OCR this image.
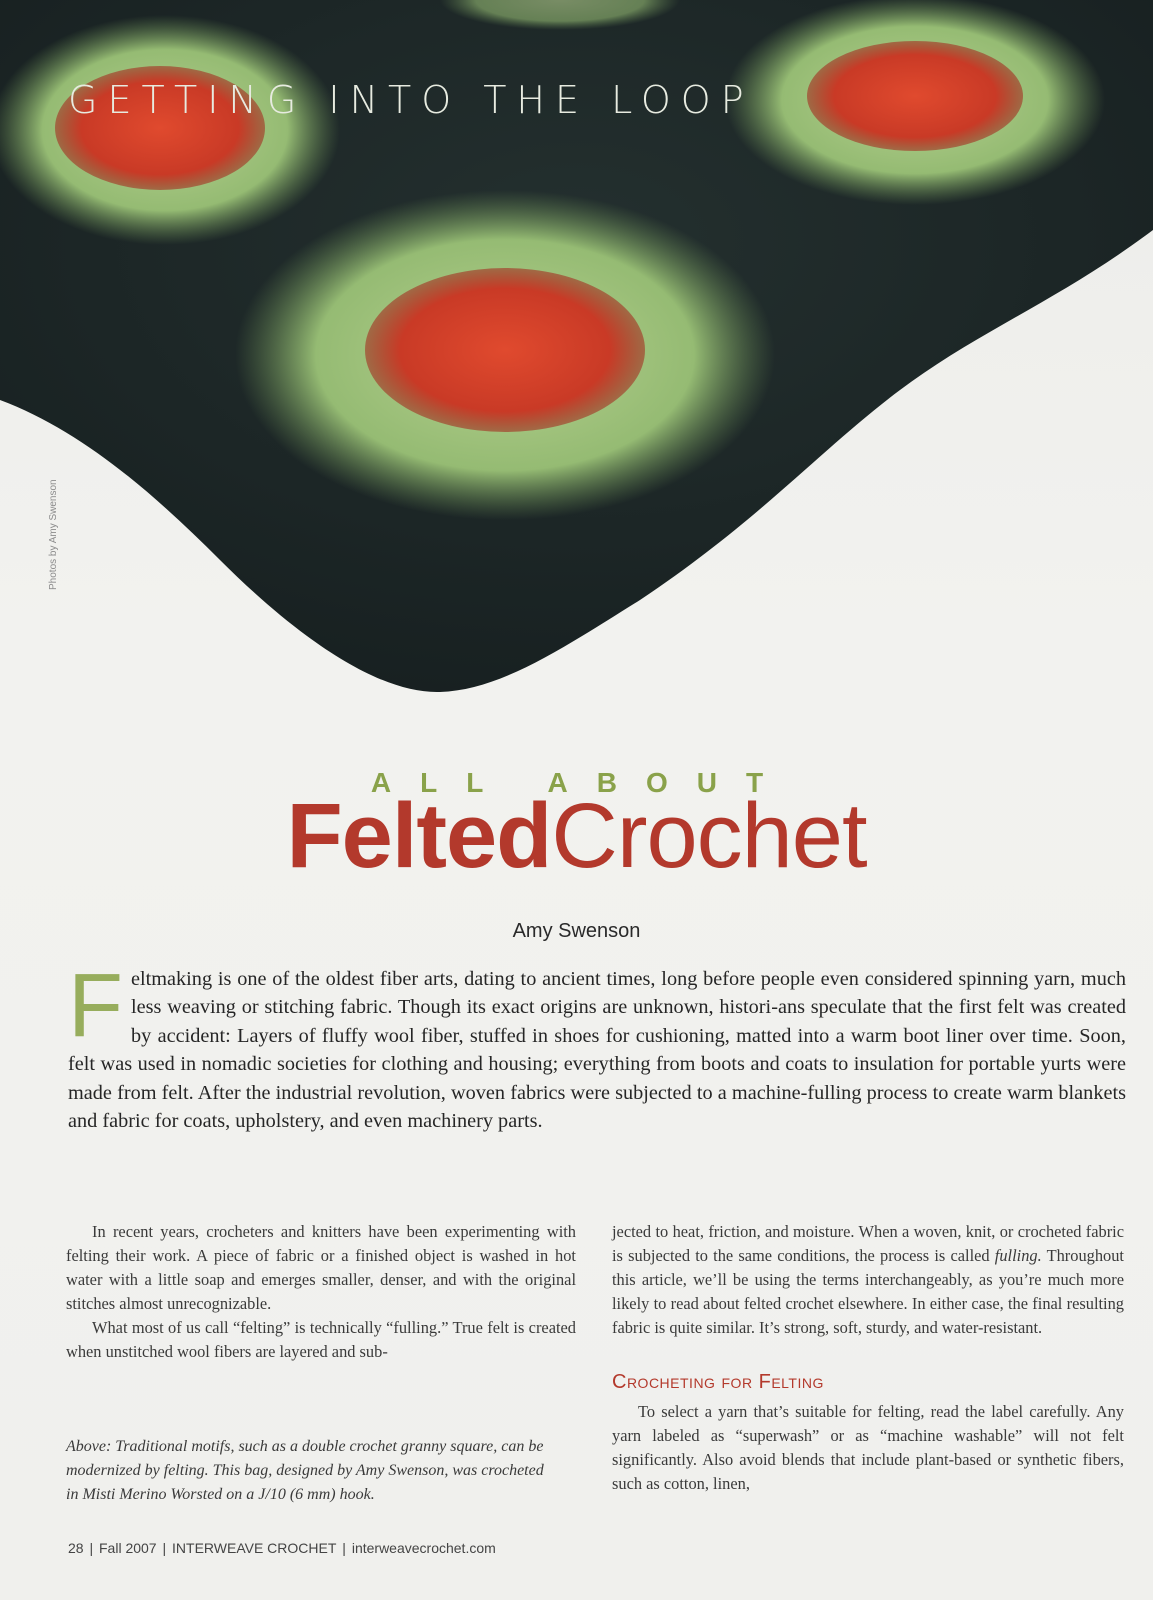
GETTING INTO THE LOOP
Photos by Amy Swenson
ALL ABOUT
FeltedCrochet
Amy Swenson

Feltmaking is one of the oldest fiber arts, dating to ancient times, long before people even considered spinning yarn, much less weaving or stitching fabric. Though its exact origins are unknown, histori-ans speculate that the first felt was created by accident: Layers of fluffy wool fiber, stuffed in shoes for cushioning, matted into a warm boot liner over time. Soon, felt was used in nomadic societies for clothing and housing; everything from boots and coats to insulation for portable yurts were made from felt. After the industrial revolution, woven fabrics were subjected to a machine-fulling process to create warm blankets and fabric for coats, upholstery, and even machinery parts.

In recent years, crocheters and knitters have been experimenting with felting their work. A piece of fabric or a finished object is washed in hot water with a little soap and emerges smaller, denser, and with the original stitches almost unrecognizable.

What most of us call “felting” is technically “fulling.” True felt is created when unstitched wool fibers are layered and sub-

Above: Traditional motifs, such as a double crochet granny square, can be modernized by felting. This bag, designed by Amy Swenson, was crocheted in Misti Merino Worsted on a J/10 (6 mm) hook.

jected to heat, friction, and moisture. When a woven, knit, or crocheted fabric is subjected to the same conditions, the process is called fulling. Throughout this article, we’ll be using the terms interchangeably, as you’re much more likely to read about felted crochet elsewhere. In either case, the final resulting fabric is quite similar. It’s strong, soft, sturdy, and water-resistant.

Crocheting for Felting

To select a yarn that’s suitable for felting, read the label carefully. Any yarn labeled as “superwash” or as “machine washable” will not felt significantly. Also avoid blends that include plant-based or synthetic fibers, such as cotton, linen,

28 | Fall 2007 | INTERWEAVE CROCHET | interweavecrochet.com
